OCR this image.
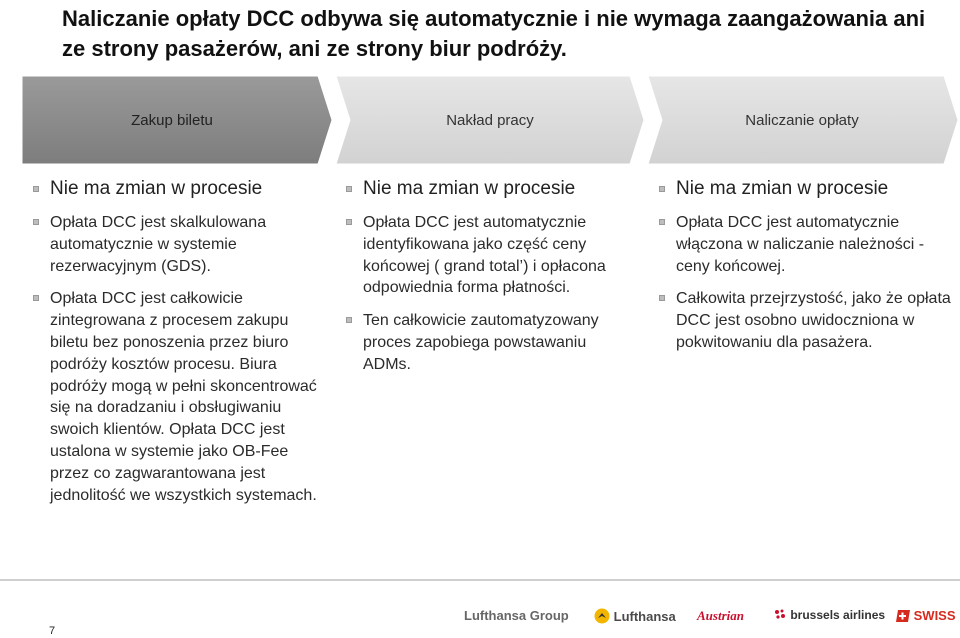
Naliczanie opłaty DCC odbywa się automatycznie i nie wymaga zaangażowania ani ze strony pasażerów, ani ze strony biur podróży.
Zakup biletu	Nakład pracy	Naliczanie opłaty
Nie ma zmian w procesie
Opłata DCC jest skalkulowana automatycznie w systemie rezerwacyjnym (GDS).
Opłata DCC jest całkowicie zintegrowana z procesem zakupu biletu bez ponoszenia przez biuro podróży kosztów procesu. Biura podróży mogą w pełni skoncentrować się na doradzaniu i obsługiwaniu swoich klientów. Opłata DCC jest ustalona w systemie jako OB-Fee przez co zagwarantowana jest jednolitość we wszystkich systemach.
Nie ma zmian w procesie
Opłata DCC jest automatycznie identyfikowana jako część ceny końcowej ( grand total’) i opłacona odpowiednia forma płatności.
Ten całkowicie zautomatyzowany proces zapobiega powstawaniu ADMs.
Nie ma zmian w procesie
Opłata DCC jest automatycznie włączona w naliczanie należności - ceny końcowej.
Całkowita przejrzystość, jako że opłata DCC jest osobno uwidoczniona w pokwitowaniu dla pasażera.
7
Lufthansa Group	Lufthansa Austrian	brussels airlines	SWISS
